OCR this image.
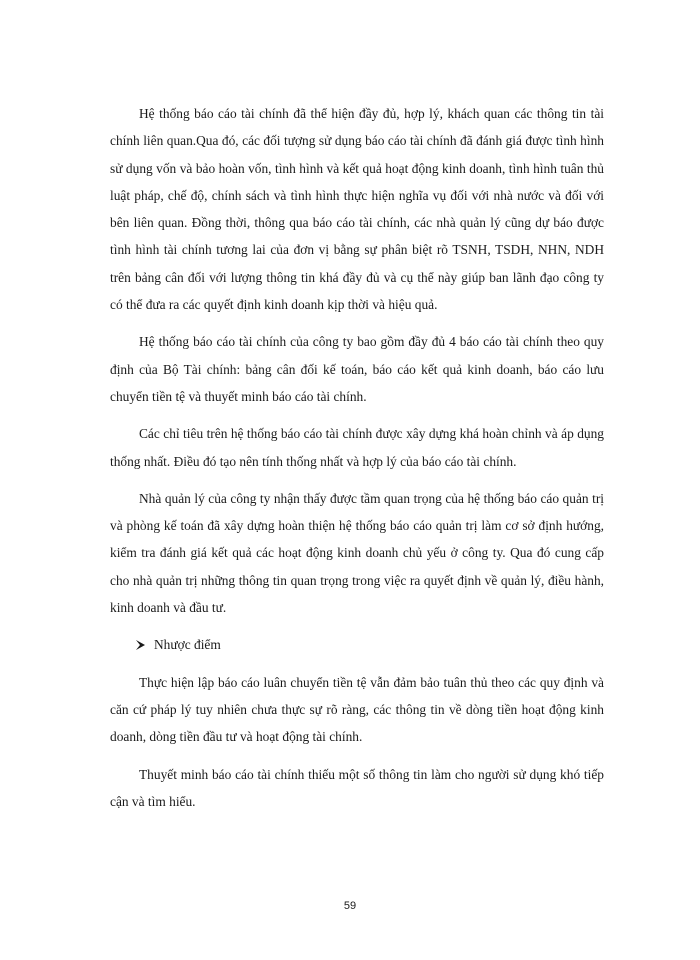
Hệ thống báo cáo tài chính đã thể hiện đầy đủ, hợp lý, khách quan các thông tin tài chính liên quan.Qua đó, các đối tượng sử dụng báo cáo tài chính đã đánh giá được tình hình sử dụng vốn và bảo hoàn vốn, tình hình và kết quả hoạt động kinh doanh, tình hình tuân thủ luật pháp, chế độ, chính sách và tình hình thực hiện nghĩa vụ đối với nhà nước và đối với bên liên quan. Đồng thời, thông qua báo cáo tài chính, các nhà quản lý cũng dự báo được tình hình tài chính tương lai của đơn vị bằng sự phân biệt rõ TSNH, TSDH, NHN, NDH trên bảng cân đối với lượng thông tin khá đầy đủ và cụ thể này giúp ban lãnh đạo công ty có thể đưa ra các quyết định kinh doanh kịp thời và hiệu quả.

Hệ thống báo cáo tài chính của công ty bao gồm đầy đủ 4 báo cáo tài chính theo quy định của Bộ Tài chính: bảng cân đối kế toán, báo cáo kết quả kinh doanh, báo cáo lưu chuyển tiền tệ và thuyết minh báo cáo tài chính.

Các chỉ tiêu trên hệ thống báo cáo tài chính được xây dựng khá hoàn chỉnh và áp dụng thống nhất. Điều đó tạo nên tính thống nhất và hợp lý của báo cáo tài chính.

Nhà quản lý của công ty nhận thấy được tầm quan trọng của hệ thống báo cáo quản trị và phòng kế toán đã xây dựng hoàn thiện hệ thống báo cáo quản trị làm cơ sở định hướng, kiểm tra đánh giá kết quả các hoạt động kinh doanh chủ yếu ở công ty. Qua đó cung cấp cho nhà quản trị những thông tin quan trọng trong việc ra quyết định về quản lý, điều hành, kinh doanh và đầu tư.

Nhược điểm

Thực hiện lập báo cáo luân chuyển tiền tệ vẫn đảm bảo tuân thủ theo các quy định và căn cứ pháp lý tuy nhiên chưa thực sự rõ ràng, các thông tin về dòng tiền hoạt động kinh doanh, dòng tiền đầu tư và hoạt động tài chính.

Thuyết minh báo cáo tài chính thiếu một số thông tin làm cho người sử dụng khó tiếp cận và tìm hiểu.

59
